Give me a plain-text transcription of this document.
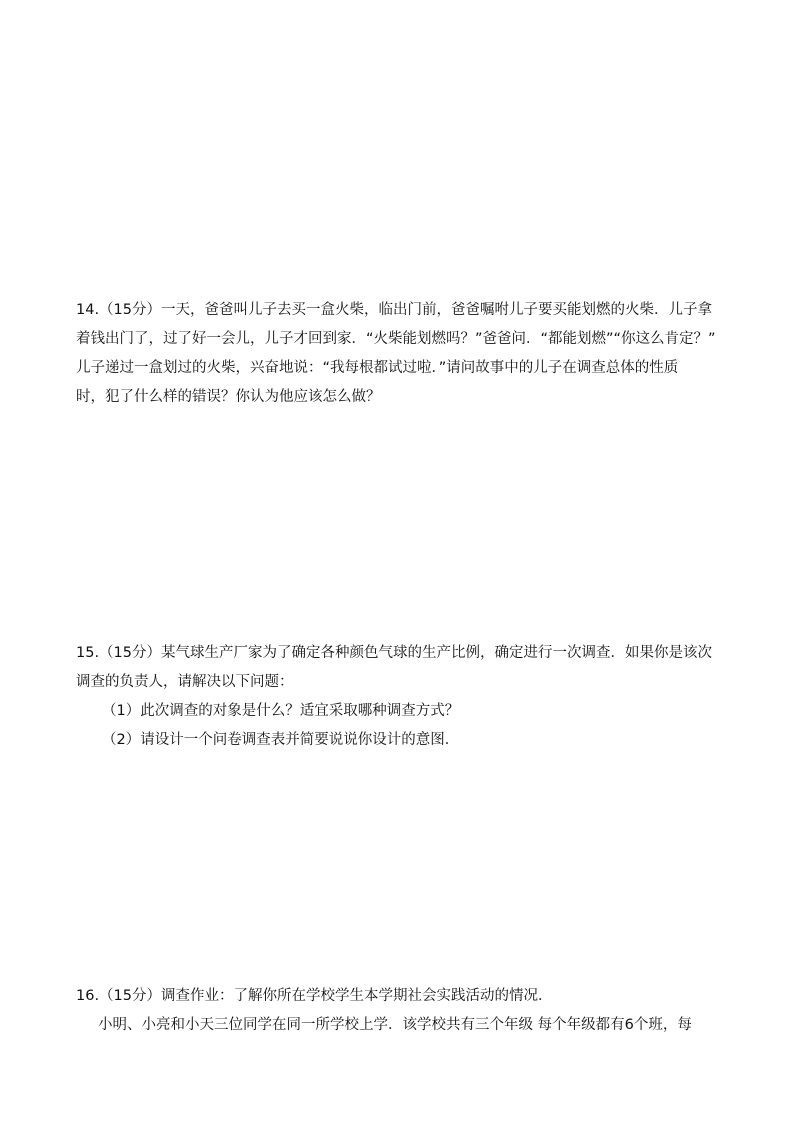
14.（15分）一天，爸爸叫儿子去买一盒火柴，临出门前，爸爸嘱咐儿子要买能划燃的火柴．儿子拿
着钱出门了，过了好一会儿，儿子才回到家．“火柴能划燃吗？”爸爸问．“都能划燃”“你这么肯定？”
儿子递过一盒划过的火柴，兴奋地说：“我每根都试过啦．”请问故事中的儿子在调查总体的性质
时，犯了什么样的错误？你认为他应该怎么做？
15.（15分）某气球生产厂家为了确定各种颜色气球的生产比例，确定进行一次调查．如果你是该次
调查的负责人，请解决以下问题：
（1）此次调查的对象是什么？适宜采取哪种调查方式？
（2）请设计一个问卷调查表并简要说说你设计的意图．
16.（15分）调查作业：了解你所在学校学生本学期社会实践活动的情况．
小明、小亮和小天三位同学在同一所学校上学．该学校共有三个年级 每个年级都有6个班，每
